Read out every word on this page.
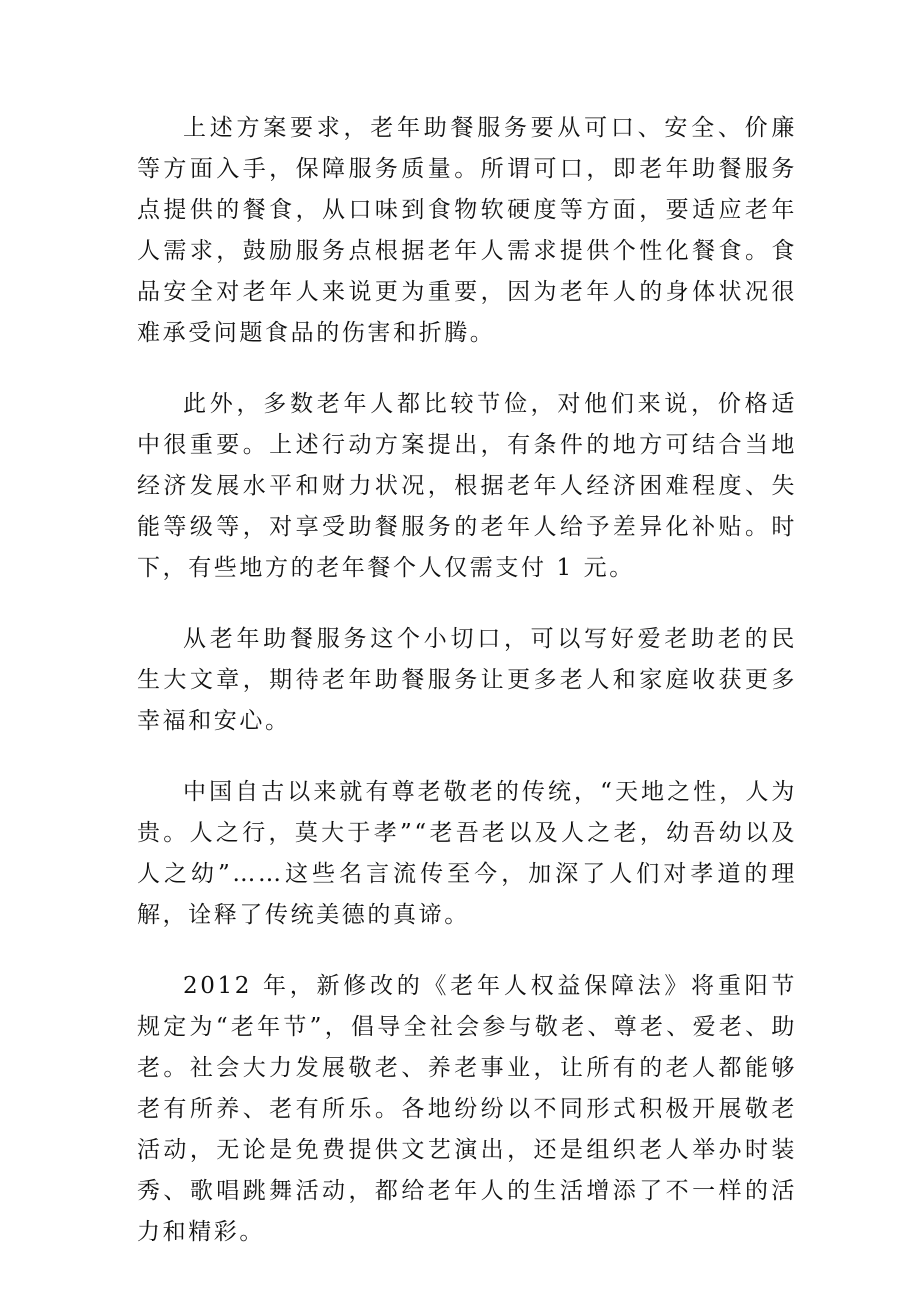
上述方案要求，老年助餐服务要从可口、安全、价廉等方面入手，保障服务质量。所谓可口，即老年助餐服务点提供的餐食，从口味到食物软硬度等方面，要适应老年人需求，鼓励服务点根据老年人需求提供个性化餐食。食品安全对老年人来说更为重要，因为老年人的身体状况很难承受问题食品的伤害和折腾。

此外，多数老年人都比较节俭，对他们来说，价格适中很重要。上述行动方案提出，有条件的地方可结合当地经济发展水平和财力状况，根据老年人经济困难程度、失能等级等，对享受助餐服务的老年人给予差异化补贴。时下，有些地方的老年餐个人仅需支付 1 元。

从老年助餐服务这个小切口，可以写好爱老助老的民生大文章，期待老年助餐服务让更多老人和家庭收获更多幸福和安心。

中国自古以来就有尊老敬老的传统，“天地之性，人为贵。人之行，莫大于孝”“老吾老以及人之老，幼吾幼以及人之幼”……这些名言流传至今，加深了人们对孝道的理解，诠释了传统美德的真谛。

2012 年，新修改的《老年人权益保障法》将重阳节规定为“老年节”，倡导全社会参与敬老、尊老、爱老、助老。社会大力发展敬老、养老事业，让所有的老人都能够老有所养、老有所乐。各地纷纷以不同形式积极开展敬老活动，无论是免费提供文艺演出，还是组织老人举办时装秀、歌唱跳舞活动，都给老年人的生活增添了不一样的活力和精彩。
